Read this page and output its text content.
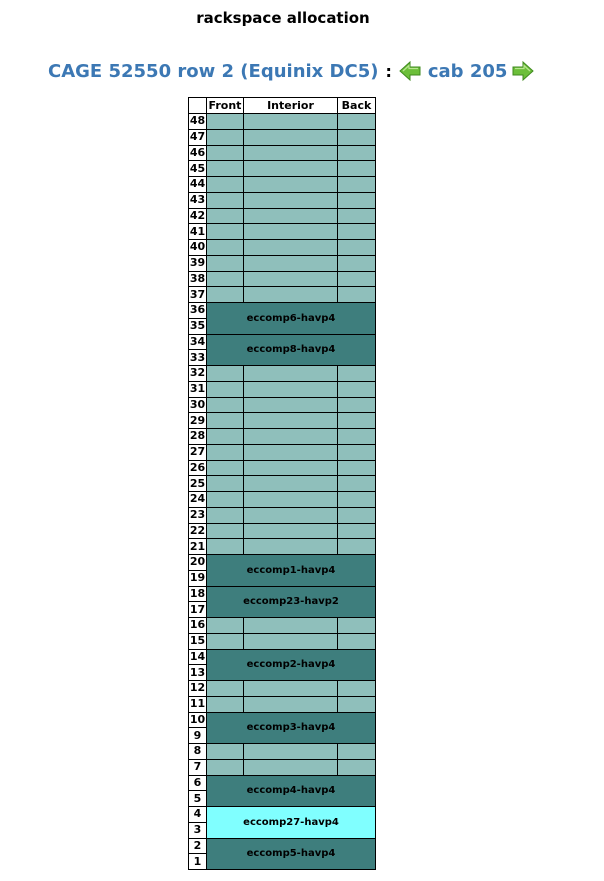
rackspace allocation
CAGE 52550 row 2 (Equinix DC5) : cab 205
	Front	Interior	Back
48			
47			
46			
45			
44			
43			
42			
41			
40			
39			
38			
37			
36	eccomp6-havp4		
35			
34	eccomp8-havp4		
33			
32			
31			
30			
29			
28			
27			
26			
25			
24			
23			
22			
21			
20	eccomp1-havp4		
19			
18	eccomp23-havp2		
17			
16			
15			
14	eccomp2-havp4		
13			
12			
11			
10	eccomp3-havp4		
9			
8			
7			
6	eccomp4-havp4		
5			
4	eccomp27-havp4		
3			
2	eccomp5-havp4		
1			
